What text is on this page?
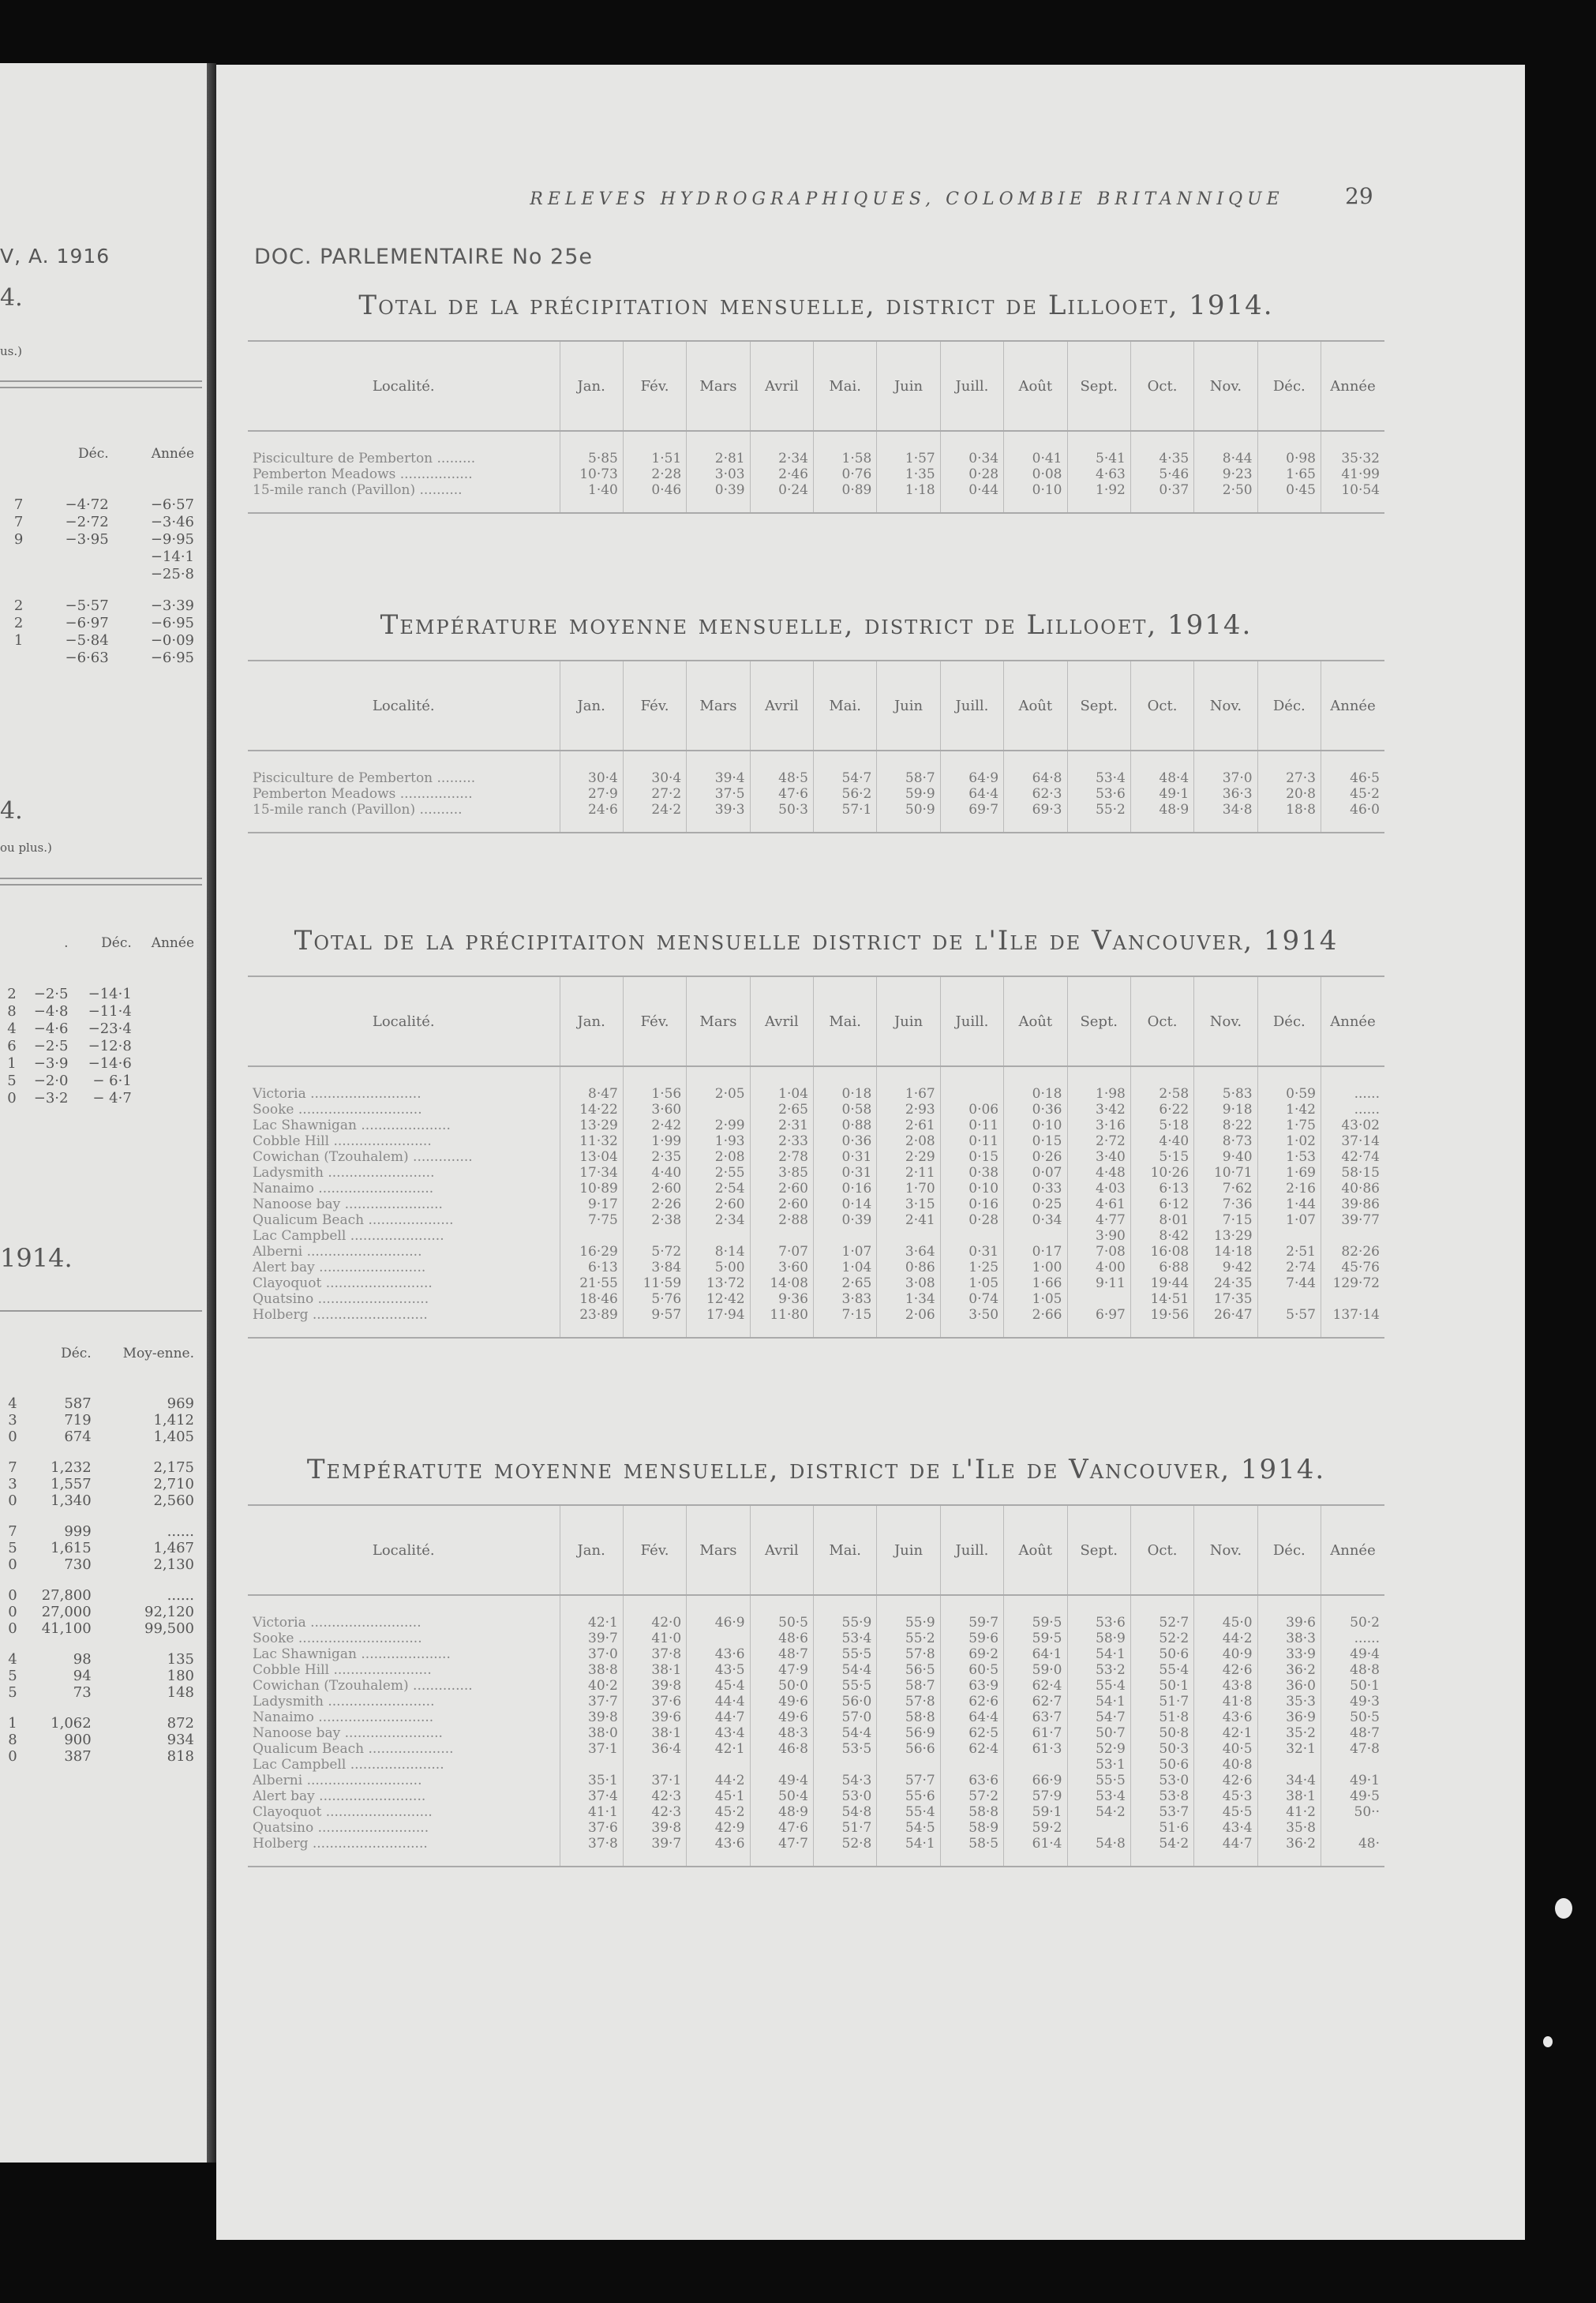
V, A. 1916
4.
us.)
	Déc.	Année
7	−4·72	−6·57
7	−2·72	−3·46
9	−3·95	−9·95
		−14·1
		−25·8
2	−5·57	−3·39
2	−6·97	−6·95
1	−5·84	−0·09
	−6·63	−6·95
4.
ou plus.)
	.	Déc.	Année
2	−2·5	−14·1	
8	−4·8	−11·4	
4	−4·6	−23·4	
6	−2·5	−12·8	
1	−3·9	−14·6	
5	−2·0	− 6·1	
0	−3·2	− 4·7	
1914.
	Déc.	Moy-enne.
4	587	969
3	719	1,412
0	674	1,405
7	1,232	2,175
3	1,557	2,710
0	1,340	2,560
7	999	......
5	1,615	1,467
0	730	2,130
0	27,800	......
0	27,000	92,120
0	41,100	99,500
4	98	135
5	94	180
5	73	148
1	1,062	872
8	900	934
0	387	818
RELEVES HYDROGRAPHIQUES, COLOMBIE BRITANNIQUE	29
DOC. PARLEMENTAIRE No 25e
Total de la précipitation mensuelle, district de Lillooet, 1914.
Localité.	Jan.	Fév.	Mars	Avril	Mai.	Juin	Juill.	Août	Sept.	Oct.	Nov.	Déc.	Année
Pisciculture de Pemberton .........	5·85	1·51	2·81	2·34	1·58	1·57	0·34	0·41	5·41	4·35	8·44	0·98	35·32
Pemberton Meadows .................	10·73	2·28	3·03	2·46	0·76	1·35	0·28	0·08	4·63	5·46	9·23	1·65	41·99
15-mile ranch (Pavillon) ..........	1·40	0·46	0·39	0·24	0·89	1·18	0·44	0·10	1·92	0·37	2·50	0·45	10·54
Température moyenne mensuelle, district de Lillooet, 1914.
Localité.	Jan.	Fév.	Mars	Avril	Mai.	Juin	Juill.	Août	Sept.	Oct.	Nov.	Déc.	Année
Pisciculture de Pemberton .........	30·4	30·4	39·4	48·5	54·7	58·7	64·9	64·8	53·4	48·4	37·0	27·3	46·5
Pemberton Meadows .................	27·9	27·2	37·5	47·6	56·2	59·9	64·4	62·3	53·6	49·1	36·3	20·8	45·2
15-mile ranch (Pavillon) ..........	24·6	24·2	39·3	50·3	57·1	50·9	69·7	69·3	55·2	48·9	34·8	18·8	46·0
Total de la précipitaiton mensuelle district de l'Ile de Vancouver, 1914
Localité.	Jan.	Fév.	Mars	Avril	Mai.	Juin	Juill.	Août	Sept.	Oct.	Nov.	Déc.	Année
Victoria ..........................	8·47	1·56	2·05	1·04	0·18	1·67		0·18	1·98	2·58	5·83	0·59	......
Sooke .............................	14·22	3·60		2·65	0·58	2·93	0·06	0·36	3·42	6·22	9·18	1·42	......
Lac Shawnigan .....................	13·29	2·42	2·99	2·31	0·88	2·61	0·11	0·10	3·16	5·18	8·22	1·75	43·02
Cobble Hill .......................	11·32	1·99	1·93	2·33	0·36	2·08	0·11	0·15	2·72	4·40	8·73	1·02	37·14
Cowichan (Tzouhalem) ..............	13·04	2·35	2·08	2·78	0·31	2·29	0·15	0·26	3·40	5·15	9·40	1·53	42·74
Ladysmith .........................	17·34	4·40	2·55	3·85	0·31	2·11	0·38	0·07	4·48	10·26	10·71	1·69	58·15
Nanaimo ...........................	10·89	2·60	2·54	2·60	0·16	1·70	0·10	0·33	4·03	6·13	7·62	2·16	40·86
Nanoose bay .......................	9·17	2·26	2·60	2·60	0·14	3·15	0·16	0·25	4·61	6·12	7·36	1·44	39·86
Qualicum Beach ....................	7·75	2·38	2·34	2·88	0·39	2·41	0·28	0·34	4·77	8·01	7·15	1·07	39·77
Lac Campbell ......................									3·90	8·42	13·29		
Alberni ...........................	16·29	5·72	8·14	7·07	1·07	3·64	0·31	0·17	7·08	16·08	14·18	2·51	82·26
Alert bay .........................	6·13	3·84	5·00	3·60	1·04	0·86	1·25	1·00	4·00	6·88	9·42	2·74	45·76
Clayoquot .........................	21·55	11·59	13·72	14·08	2·65	3·08	1·05	1·66	9·11	19·44	24·35	7·44	129·72
Quatsino ..........................	18·46	5·76	12·42	9·36	3·83	1·34	0·74	1·05		14·51	17·35		
Holberg ...........................	23·89	9·57	17·94	11·80	7·15	2·06	3·50	2·66	6·97	19·56	26·47	5·57	137·14
Températute moyenne mensuelle, district de l'Ile de Vancouver, 1914.
Localité.	Jan.	Fév.	Mars	Avril	Mai.	Juin	Juill.	Août	Sept.	Oct.	Nov.	Déc.	Année
Victoria ..........................	42·1	42·0	46·9	50·5	55·9	55·9	59·7	59·5	53·6	52·7	45·0	39·6	50·2
Sooke .............................	39·7	41·0		48·6	53·4	55·2	59·6	59·5	58·9	52·2	44·2	38·3	......
Lac Shawnigan .....................	37·0	37·8	43·6	48·7	55·5	57·8	69·2	64·1	54·1	50·6	40·9	33·9	49·4
Cobble Hill .......................	38·8	38·1	43·5	47·9	54·4	56·5	60·5	59·0	53·2	55·4	42·6	36·2	48·8
Cowichan (Tzouhalem) ..............	40·2	39·8	45·4	50·0	55·5	58·7	63·9	62·4	55·4	50·1	43·8	36·0	50·1
Ladysmith .........................	37·7	37·6	44·4	49·6	56·0	57·8	62·6	62·7	54·1	51·7	41·8	35·3	49·3
Nanaimo ...........................	39·8	39·6	44·7	49·6	57·0	58·8	64·4	63·7	54·7	51·8	43·6	36·9	50·5
Nanoose bay .......................	38·0	38·1	43·4	48·3	54·4	56·9	62·5	61·7	50·7	50·8	42·1	35·2	48·7
Qualicum Beach ....................	37·1	36·4	42·1	46·8	53·5	56·6	62·4	61·3	52·9	50·3	40·5	32·1	47·8
Lac Campbell ......................									53·1	50·6	40·8		
Alberni ...........................	35·1	37·1	44·2	49·4	54·3	57·7	63·6	66·9	55·5	53·0	42·6	34·4	49·1
Alert bay .........................	37·4	42·3	45·1	50·4	53·0	55·6	57·2	57·9	53·4	53·8	45·3	38·1	49·5
Clayoquot .........................	41·1	42·3	45·2	48·9	54·8	55·4	58·8	59·1	54·2	53·7	45·5	41·2	50··
Quatsino ..........................	37·6	39·8	42·9	47·6	51·7	54·5	58·9	59·2		51·6	43·4	35·8	
Holberg ...........................	37·8	39·7	43·6	47·7	52·8	54·1	58·5	61·4	54·8	54·2	44·7	36·2	48·
